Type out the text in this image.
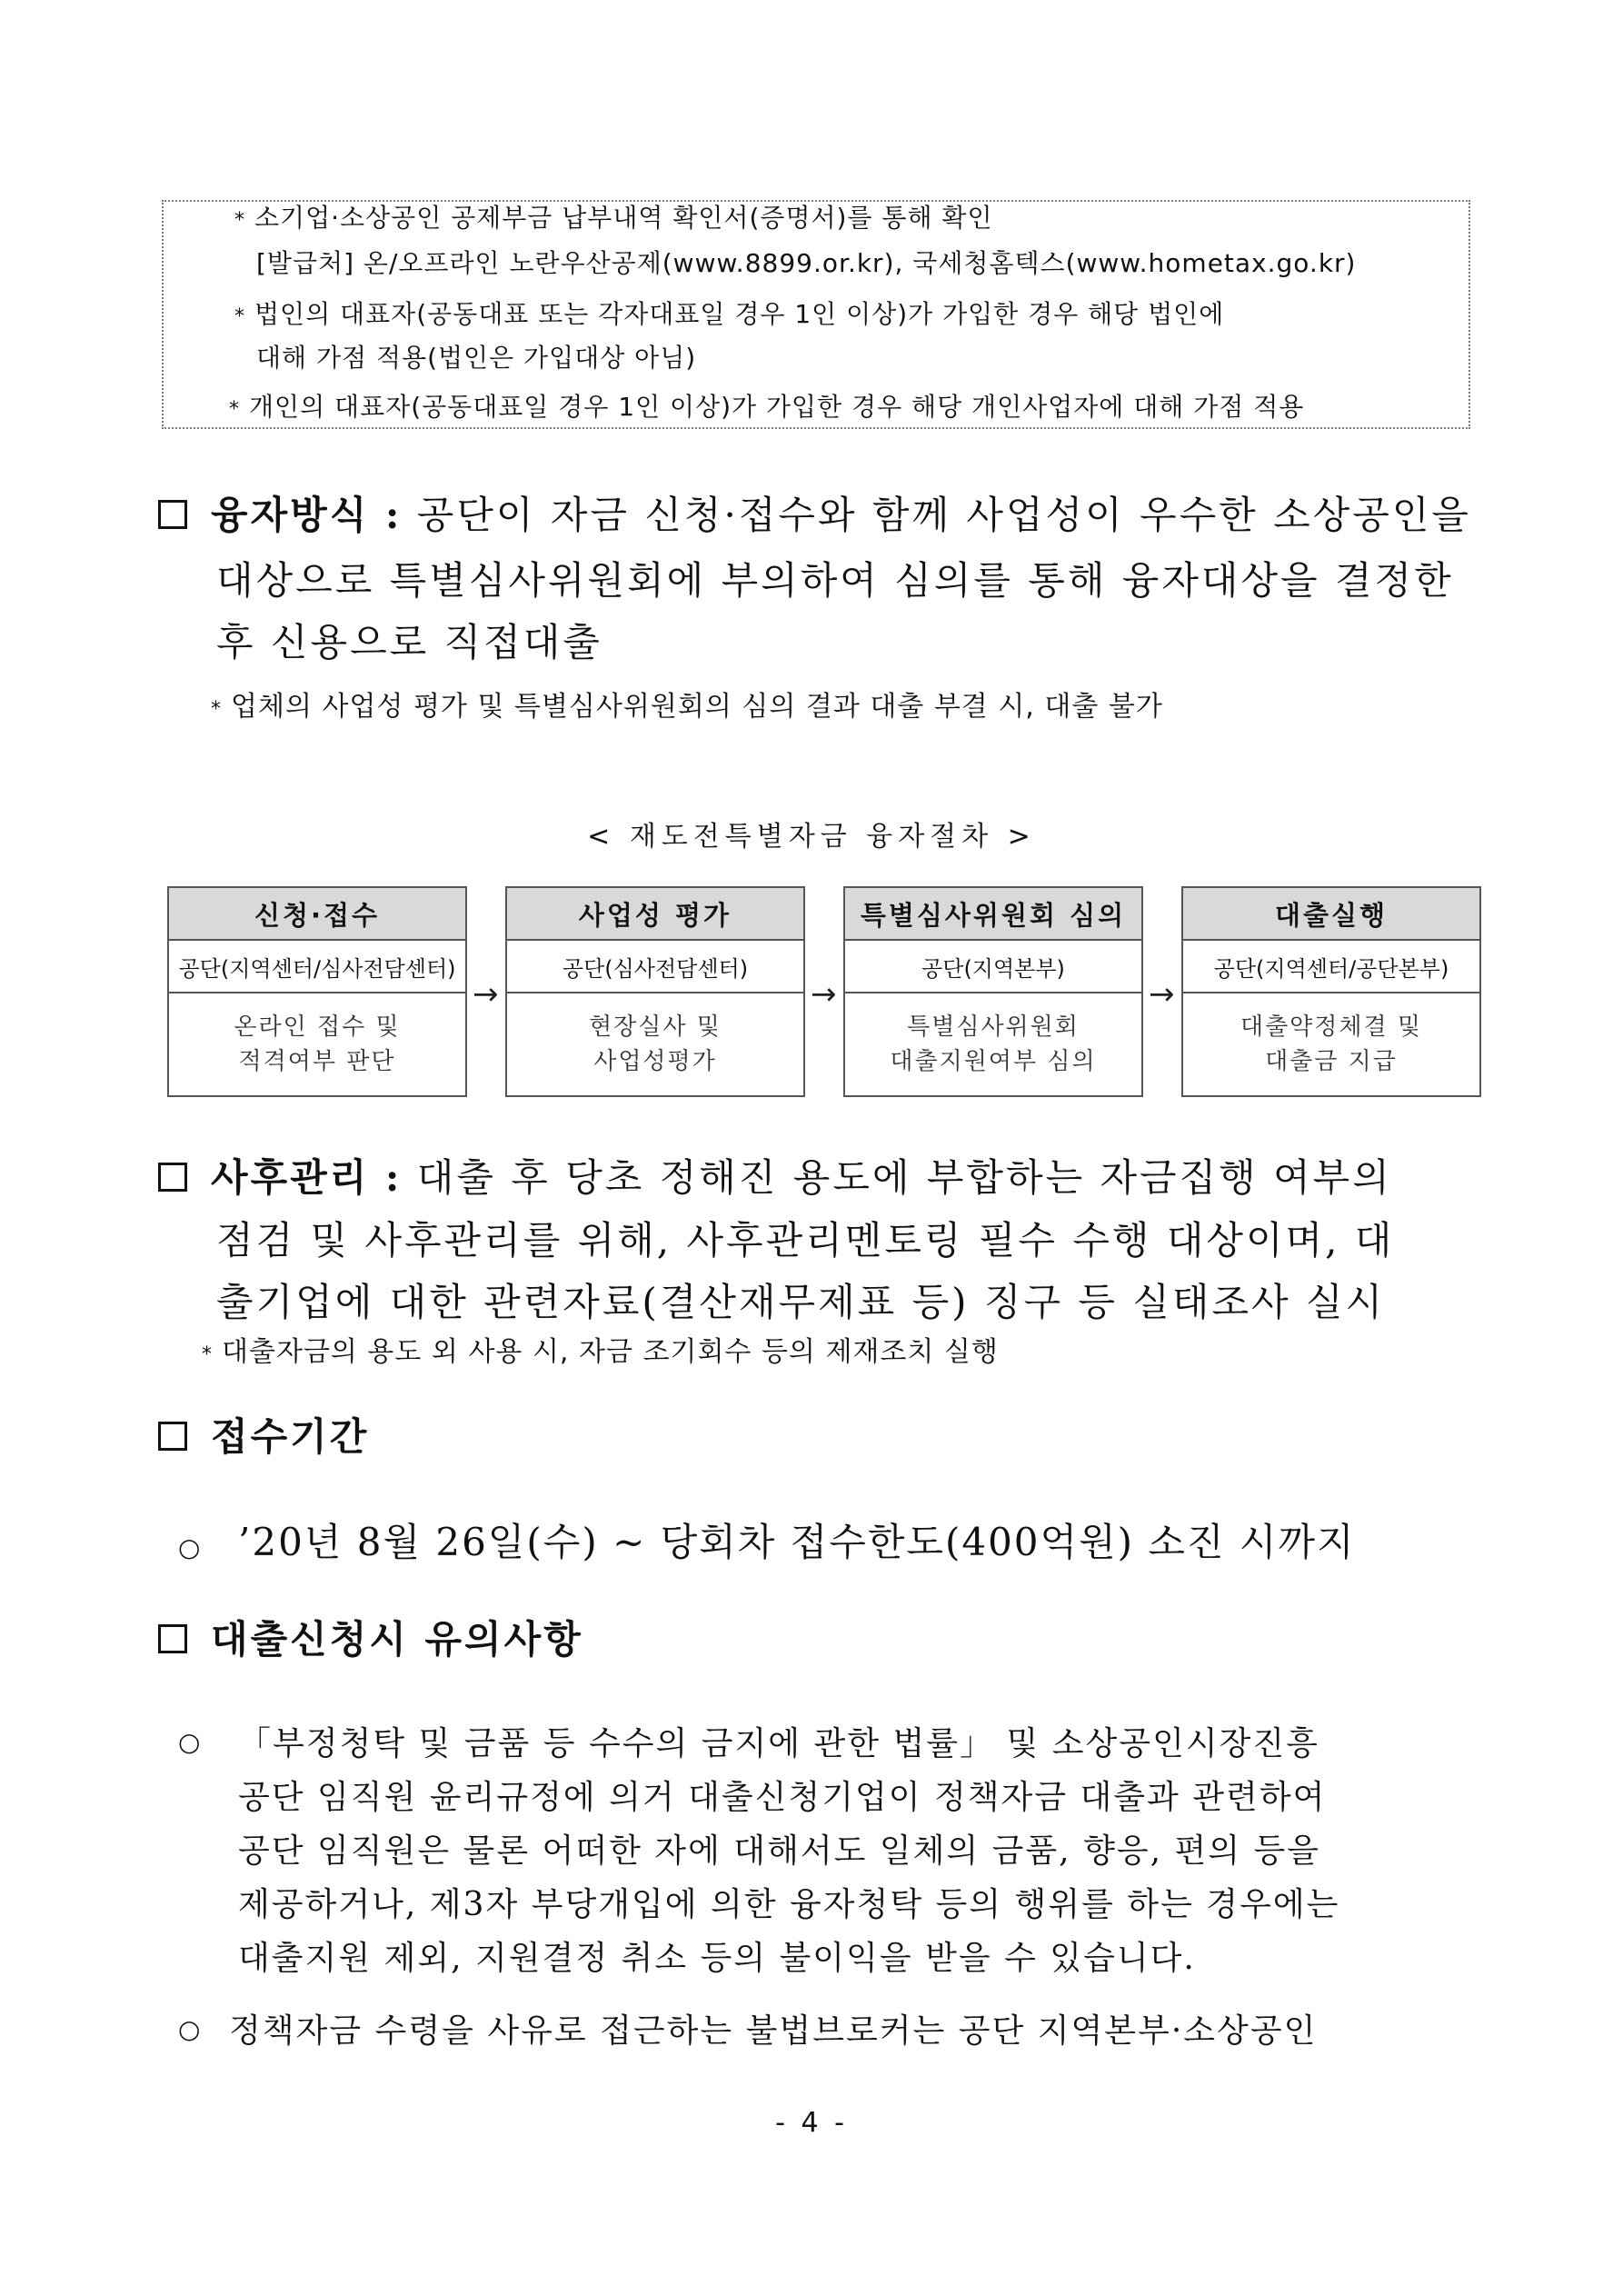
* 소기업·소상공인 공제부금 납부내역 확인서(증명서)를 통해 확인
[발급처] 온/오프라인 노란우산공제(www.8899.or.kr), 국세청홈텍스(www.hometax.go.kr)
* 법인의 대표자(공동대표 또는 각자대표일 경우 1인 이상)가 가입한 경우 해당 법인에
대해 가점 적용(법인은 가입대상 아님)
* 개인의 대표자(공동대표일 경우 1인 이상)가 가입한 경우 해당 개인사업자에 대해 가점 적용
융자방식 : 공단이 자금 신청·접수와 함께 사업성이 우수한 소상공인을
대상으로 특별심사위원회에 부의하여 심의를 통해 융자대상을 결정한
후 신용으로 직접대출
* 업체의 사업성 평가 및 특별심사위원회의 심의 결과 대출 부결 시, 대출 불가
< 재도전특별자금 융자절차 >
신청·접수
공단(지역센터/심사전담센터)
온라인 접수 및
적격여부 판단
→
사업성 평가
공단(심사전담센터)
현장실사 및
사업성평가
→
특별심사위원회 심의
공단(지역본부)
특별심사위원회
대출지원여부 심의
→
대출실행
공단(지역센터/공단본부)
대출약정체결 및
대출금 지급
사후관리 : 대출 후 당초 정해진 용도에 부합하는 자금집행 여부의
점검 및 사후관리를 위해, 사후관리멘토링 필수 수행 대상이며, 대
출기업에 대한 관련자료(결산재무제표 등) 징구 등 실태조사 실시
* 대출자금의 용도 외 사용 시, 자금 조기회수 등의 제재조치 실행
접수기간
○ ’20년 8월 26일(수) ~ 당회차 접수한도(400억원) 소진 시까지
대출신청시 유의사항
○ 「부정청탁 및 금품 등 수수의 금지에 관한 법률」 및 소상공인시장진흥
공단 임직원 윤리규정에 의거 대출신청기업이 정책자금 대출과 관련하여
공단 임직원은 물론 어떠한 자에 대해서도 일체의 금품, 향응, 편의 등을
제공하거나, 제3자 부당개입에 의한 융자청탁 등의 행위를 하는 경우에는
대출지원 제외, 지원결정 취소 등의 불이익을 받을 수 있습니다.
○ 정책자금 수령을 사유로 접근하는 불법브로커는 공단 지역본부·소상공인
- 4 -
